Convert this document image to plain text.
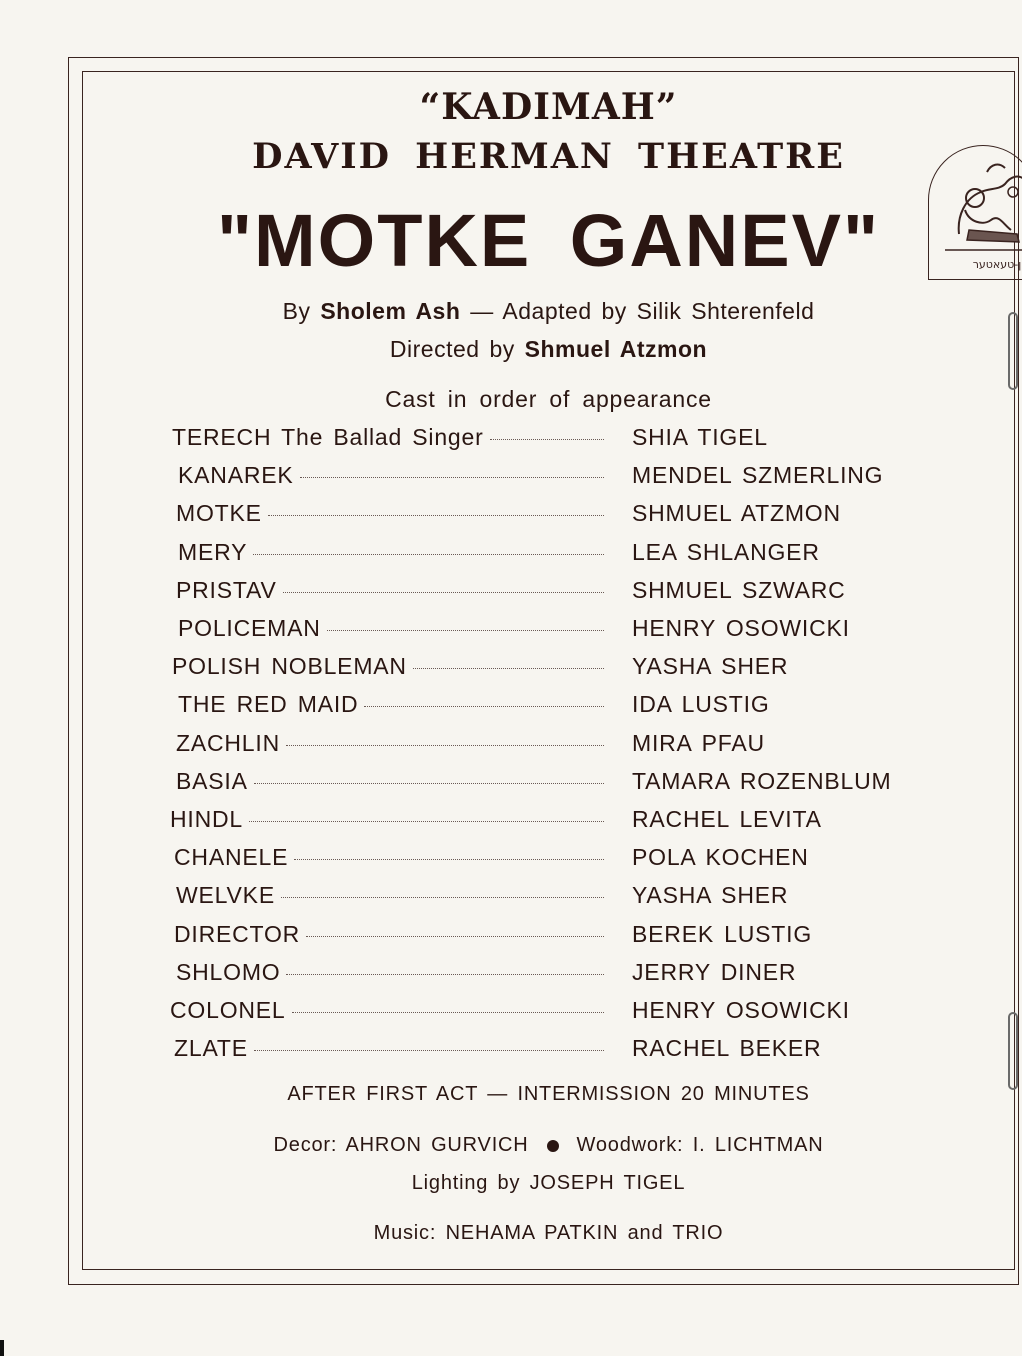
“KADIMAH”
DAVID HERMAN THEATRE
"MOTKE GANEV"
By Sholem Ash — Adapted by Silik Shterenfeld
Directed by Shmuel Atzmon
Cast in order of appearance
TERECH The Ballad Singer	SHIA TIGEL
KANAREK	MENDEL SZMERLING
MOTKE	SHMUEL ATZMON
MERY	LEA SHLANGER
PRISTAV	SHMUEL SZWARC
POLICEMAN	HENRY OSOWICKI
POLISH NOBLEMAN	YASHA SHER
THE RED MAID	IDA LUSTIG
ZACHLIN	MIRA PFAU
BASIA	TAMARA ROZENBLUM
HINDL	RACHEL LEVITA
CHANELE	POLA KOCHEN
WELVKE	YASHA SHER
DIRECTOR	BEREK LUSTIG
SHLOMO	JERRY DINER
COLONEL	HENRY OSOWICKI
ZLATE	RACHEL BEKER
AFTER FIRST ACT — INTERMISSION 20 MINUTES
Decor: AHRON GURVICH Woodwork: I. LICHTMAN
Lighting by JOSEPH TIGEL
Music: NEHAMA PATKIN and TRIO
ן-טעאטער
